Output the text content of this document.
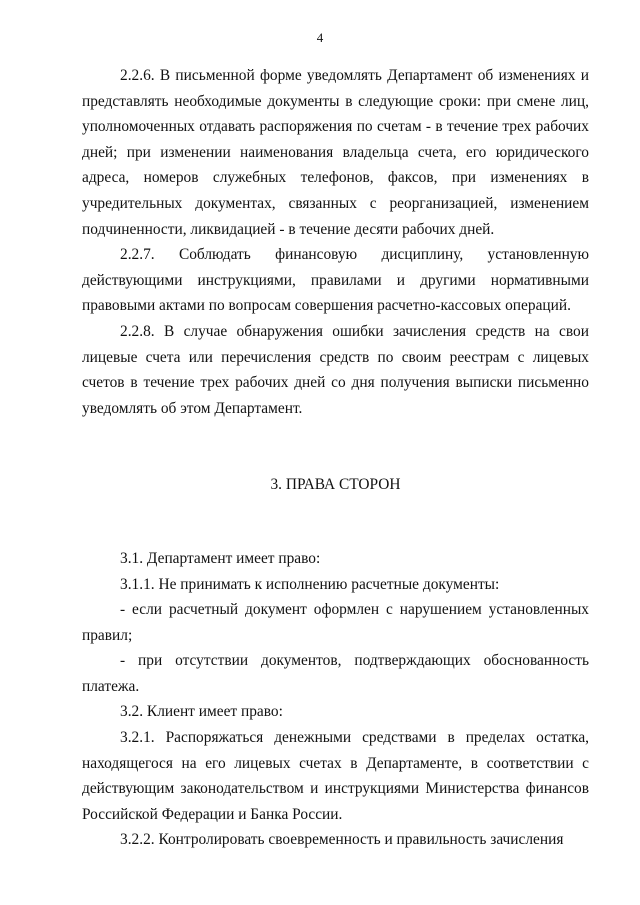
4

2.2.6. В письменной форме уведомлять Департамент об изменениях и представлять необходимые документы в следующие сроки: при смене лиц, уполномоченных отдавать распоряжения по счетам - в течение трех рабочих дней; при изменении наименования владельца счета, его юридического адреса, номеров служебных телефонов, факсов, при изменениях в учредительных документах, связанных с реорганизацией, изменением подчиненности, ликвидацией - в течение десяти рабочих дней.

2.2.7. Соблюдать финансовую дисциплину, установленную действующими инструкциями, правилами и другими нормативными правовыми актами по вопросам совершения расчетно-кассовых операций.

2.2.8. В случае обнаружения ошибки зачисления средств на свои лицевые счета или перечисления средств по своим реестрам с лицевых счетов в течение трех рабочих дней со дня получения выписки письменно уведомлять об этом Департамент.

3. ПРАВА СТОРОН

3.1. Департамент имеет право:

3.1.1. Не принимать к исполнению расчетные документы:

- если расчетный документ оформлен с нарушением установленных правил;

- при отсутствии документов, подтверждающих обоснованность платежа.

3.2. Клиент имеет право:

3.2.1. Распоряжаться денежными средствами в пределах остатка, находящегося на его лицевых счетах в Департаменте, в соответствии с действующим законодательством и инструкциями Министерства финансов Российской Федерации и Банка России.

3.2.2. Контролировать своевременность и правильность зачисления
